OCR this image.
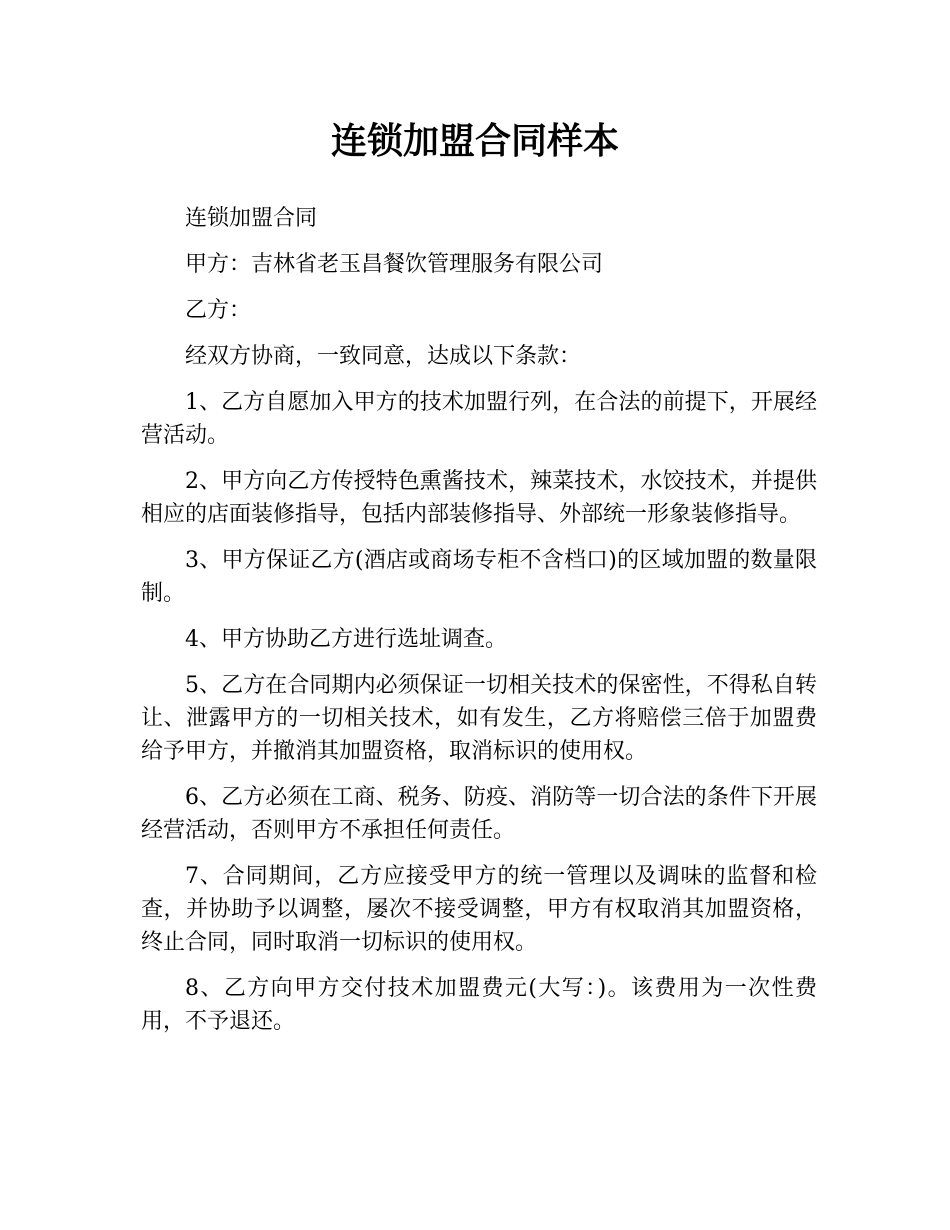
连锁加盟合同样本

连锁加盟合同

甲方：吉林省老玉昌餐饮管理服务有限公司

乙方：

经双方协商，一致同意，达成以下条款：

1、乙方自愿加入甲方的技术加盟行列，在合法的前提下，开展经营活动。

2、甲方向乙方传授特色熏酱技术，辣菜技术，水饺技术，并提供相应的店面装修指导，包括内部装修指导、外部统一形象装修指导。

3、甲方保证乙方(酒店或商场专柜不含档口)的区域加盟的数量限制。

4、甲方协助乙方进行选址调查。

5、乙方在合同期内必须保证一切相关技术的保密性，不得私自转让、泄露甲方的一切相关技术，如有发生，乙方将赔偿三倍于加盟费给予甲方，并撤消其加盟资格，取消标识的使用权。

6、乙方必须在工商、税务、防疫、消防等一切合法的条件下开展经营活动，否则甲方不承担任何责任。

7、合同期间，乙方应接受甲方的统一管理以及调味的监督和检查，并协助予以调整，屡次不接受调整，甲方有权取消其加盟资格，终止合同，同时取消一切标识的使用权。

8、乙方向甲方交付技术加盟费元(大写：)。该费用为一次性费用，不予退还。
